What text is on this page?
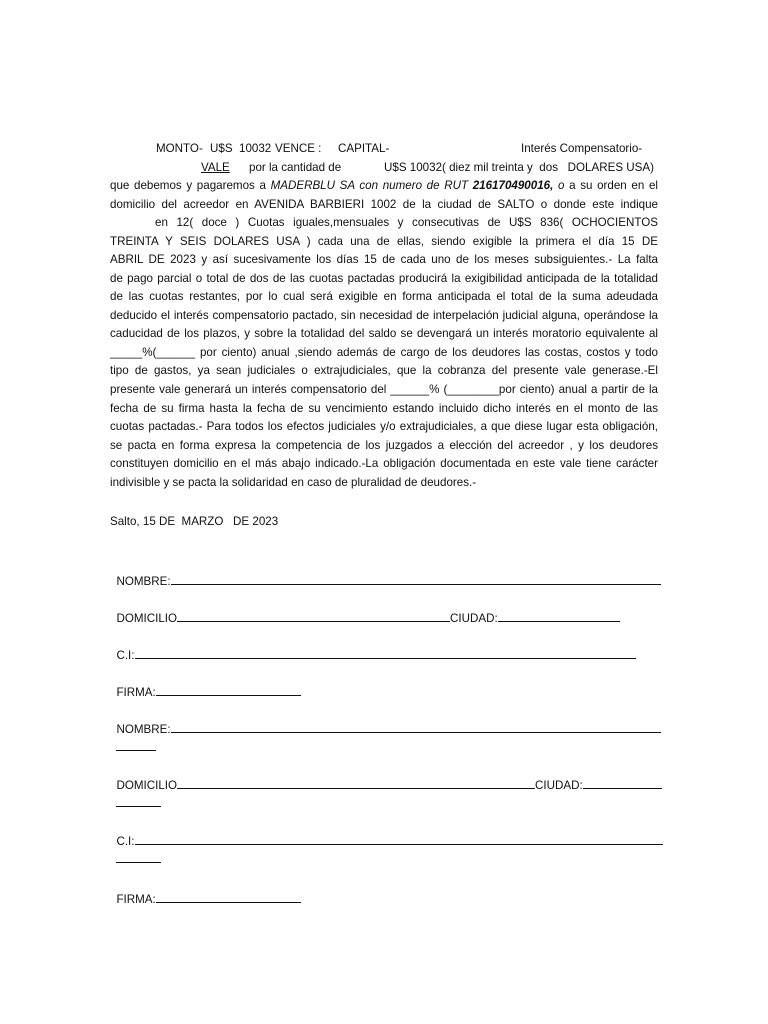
MONTO- U$S  10032 VENCE : CAPITAL-	Interés Compensatorio-
VALE por la cantidad de	U$S 10032( diez mil treinta y  dos   DOLARES USA)
que debemos y pagaremos a MADERBLU SA con numero de RUT 216170490016, o a su orden en el
domicilio del acreedor en AVENIDA BARBIERI 1002 de la ciudad de SALTO o donde este indique
en 12( doce ) Cuotas iguales,mensuales y consecutivas de U$S 836( OCHOCIENTOS
TREINTA Y SEIS DOLARES USA ) cada una de ellas, siendo exigible la primera el día 15 DE
ABRIL DE 2023 y así sucesivamente los días 15 de cada uno de los meses subsiguientes.- La falta
de pago parcial o total de dos de las cuotas pactadas producirá la exigibilidad anticipada de la totalidad
de las cuotas restantes, por lo cual será exigible en forma anticipada el total de la suma adeudada
deducido el interés compensatorio pactado, sin necesidad de interpelación judicial alguna, operándose la
caducidad de los plazos, y sobre la totalidad del saldo se devengará un interés moratorio equivalente al
_____%(______ por ciento) anual ,siendo además de cargo de los deudores las costas, costos y todo
tipo de gastos, ya sean judiciales o extrajudiciales, que la cobranza del presente vale generase.-El
presente vale generará un interés compensatorio del ______% (________por ciento) anual a partir de la
fecha de su firma hasta la fecha de su vencimiento estando incluido dicho interés en el monto de las
cuotas pactadas.- Para todos los efectos judiciales y/o extrajudiciales, a que diese lugar esta obligación,
se pacta en forma expresa la competencia de los juzgados a elección del acreedor , y los deudores
constituyen domicilio en el más abajo indicado.-La obligación documentada en este vale tiene carácter
indivisible y se pacta la solidaridad en caso de pluralidad de deudores.-
Salto, 15 DE  MARZO   DE 2023

NOMBRE:

DOMICILIO	CIUDAD:

C.I:

FIRMA:

NOMBRE:

DOMICILIO	CIUDAD:

C.I:

FIRMA:
